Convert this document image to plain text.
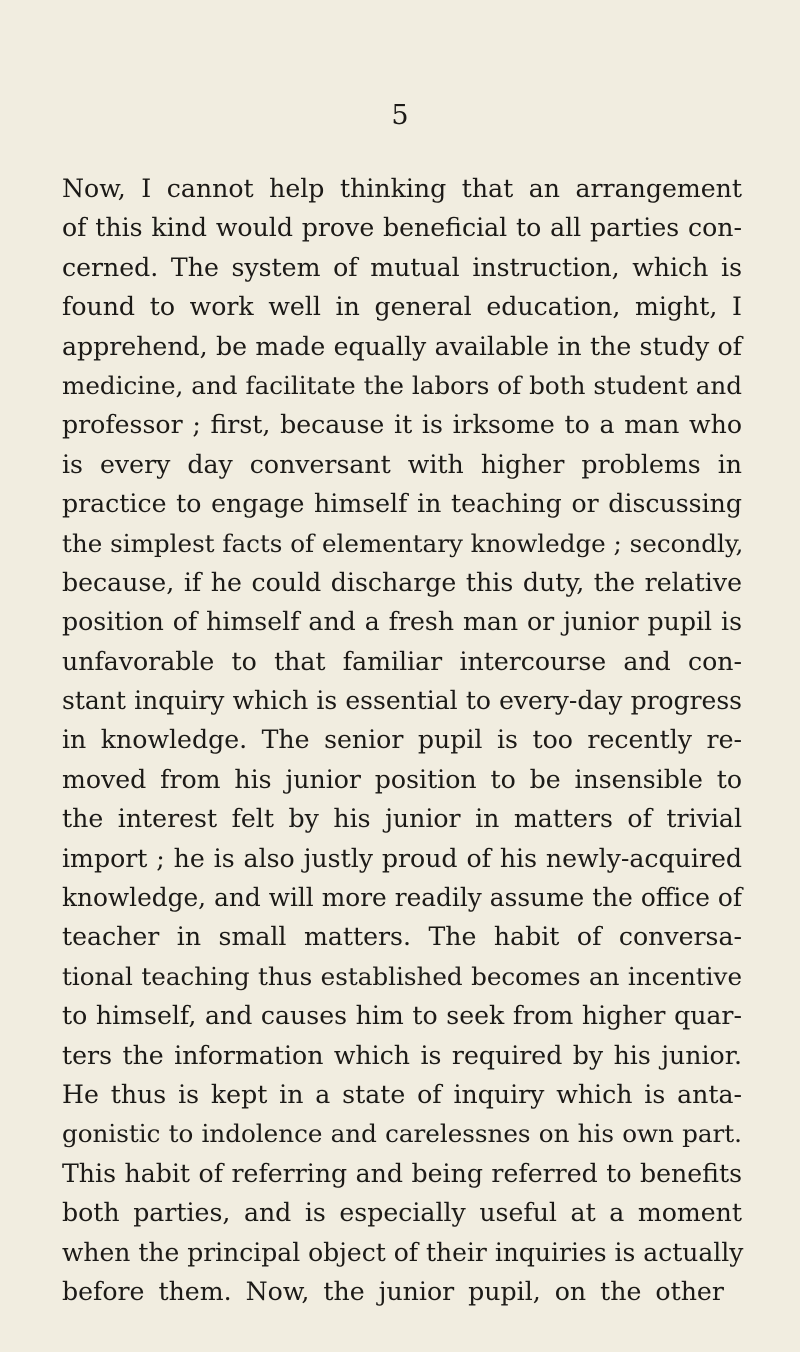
5
Now, I cannot help thinking that an arrangement
of this kind would prove beneficial to all parties con-
cerned. The system of mutual instruction, which is
found to work well in general education, might, I
apprehend, be made equally available in the study of
medicine, and facilitate the labors of both student and
professor ; first, because it is irksome to a man who
is every day conversant with higher problems in
practice to engage himself in teaching or discussing
the simplest facts of elementary knowledge ; secondly,
because, if he could discharge this duty, the relative
position of himself and a fresh man or junior pupil is
unfavorable to that familiar intercourse and con-
stant inquiry which is essential to every-day progress
in knowledge. The senior pupil is too recently re-
moved from his junior position to be insensible to
the interest felt by his junior in matters of trivial
import ; he is also justly proud of his newly-acquired
knowledge, and will more readily assume the office of
teacher in small matters. The habit of conversa-
tional teaching thus established becomes an incentive
to himself, and causes him to seek from higher quar-
ters the information which is required by his junior.
He thus is kept in a state of inquiry which is anta-
gonistic to indolence and carelessnes on his own part.
This habit of referring and being referred to benefits
both parties, and is especially useful at a moment
when the principal object of their inquiries is actually
before them. Now, the junior pupil, on the other
